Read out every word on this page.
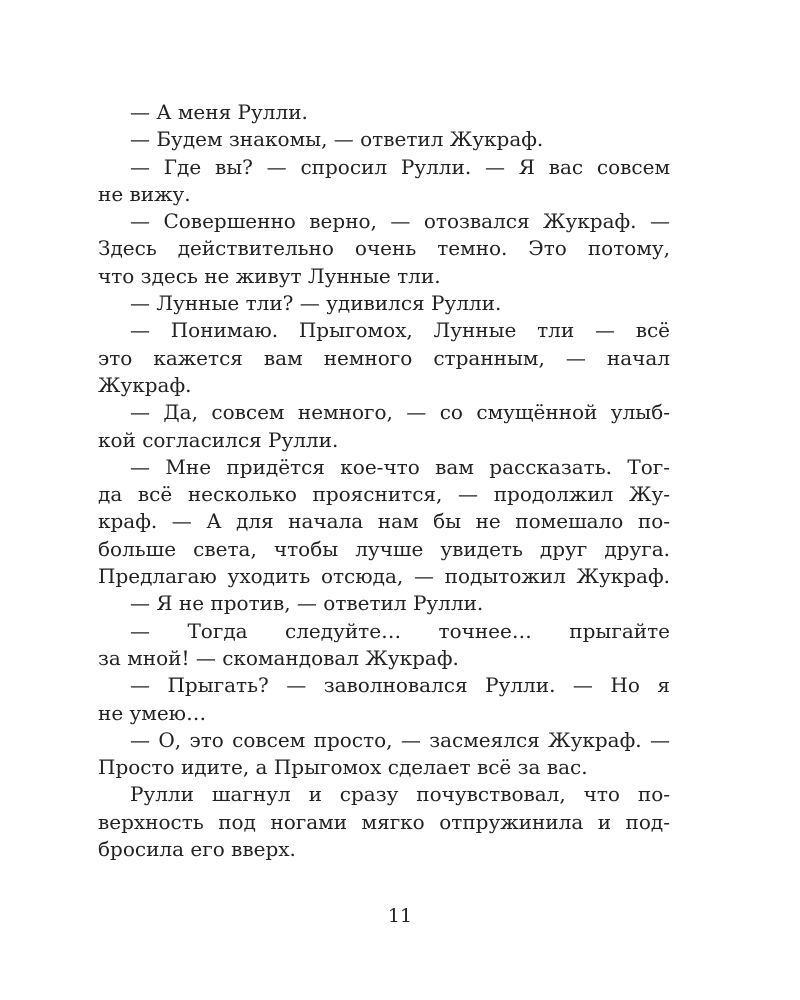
— А меня Рулли.
— Будем знакомы, — ответил Жукраф.
— Где вы? — спросил Рулли. — Я вас совсем
не вижу.
— Совершенно верно, — отозвался Жукраф. —
Здесь действительно очень темно. Это потому,
что здесь не живут Лунные тли.
— Лунные тли? — удивился Рулли.
— Понимаю. Прыгомох, Лунные тли — всё
это кажется вам немного странным, — начал
Жукраф.
— Да, совсем немного, — со смущённой улыб-
кой согласился Рулли.
— Мне придётся кое-что вам рассказать. Тог-
да всё несколько прояснится, — продолжил Жу-
краф. — А для начала нам бы не помешало по-
больше света, чтобы лучше увидеть друг друга.
Предлагаю уходить отсюда, — подытожил Жукраф.
— Я не против, — ответил Рулли.
— Тогда следуйте… точнее… прыгайте
за мной! — скомандовал Жукраф.
— Прыгать? — заволновался Рулли. — Но я
не умею…
— О, это совсем просто, — засмеялся Жукраф. —
Просто идите, а Прыгомох сделает всё за вас.
Рулли шагнул и сразу почувствовал, что по-
верхность под ногами мягко отпружинила и под-
бросила его вверх.
11
